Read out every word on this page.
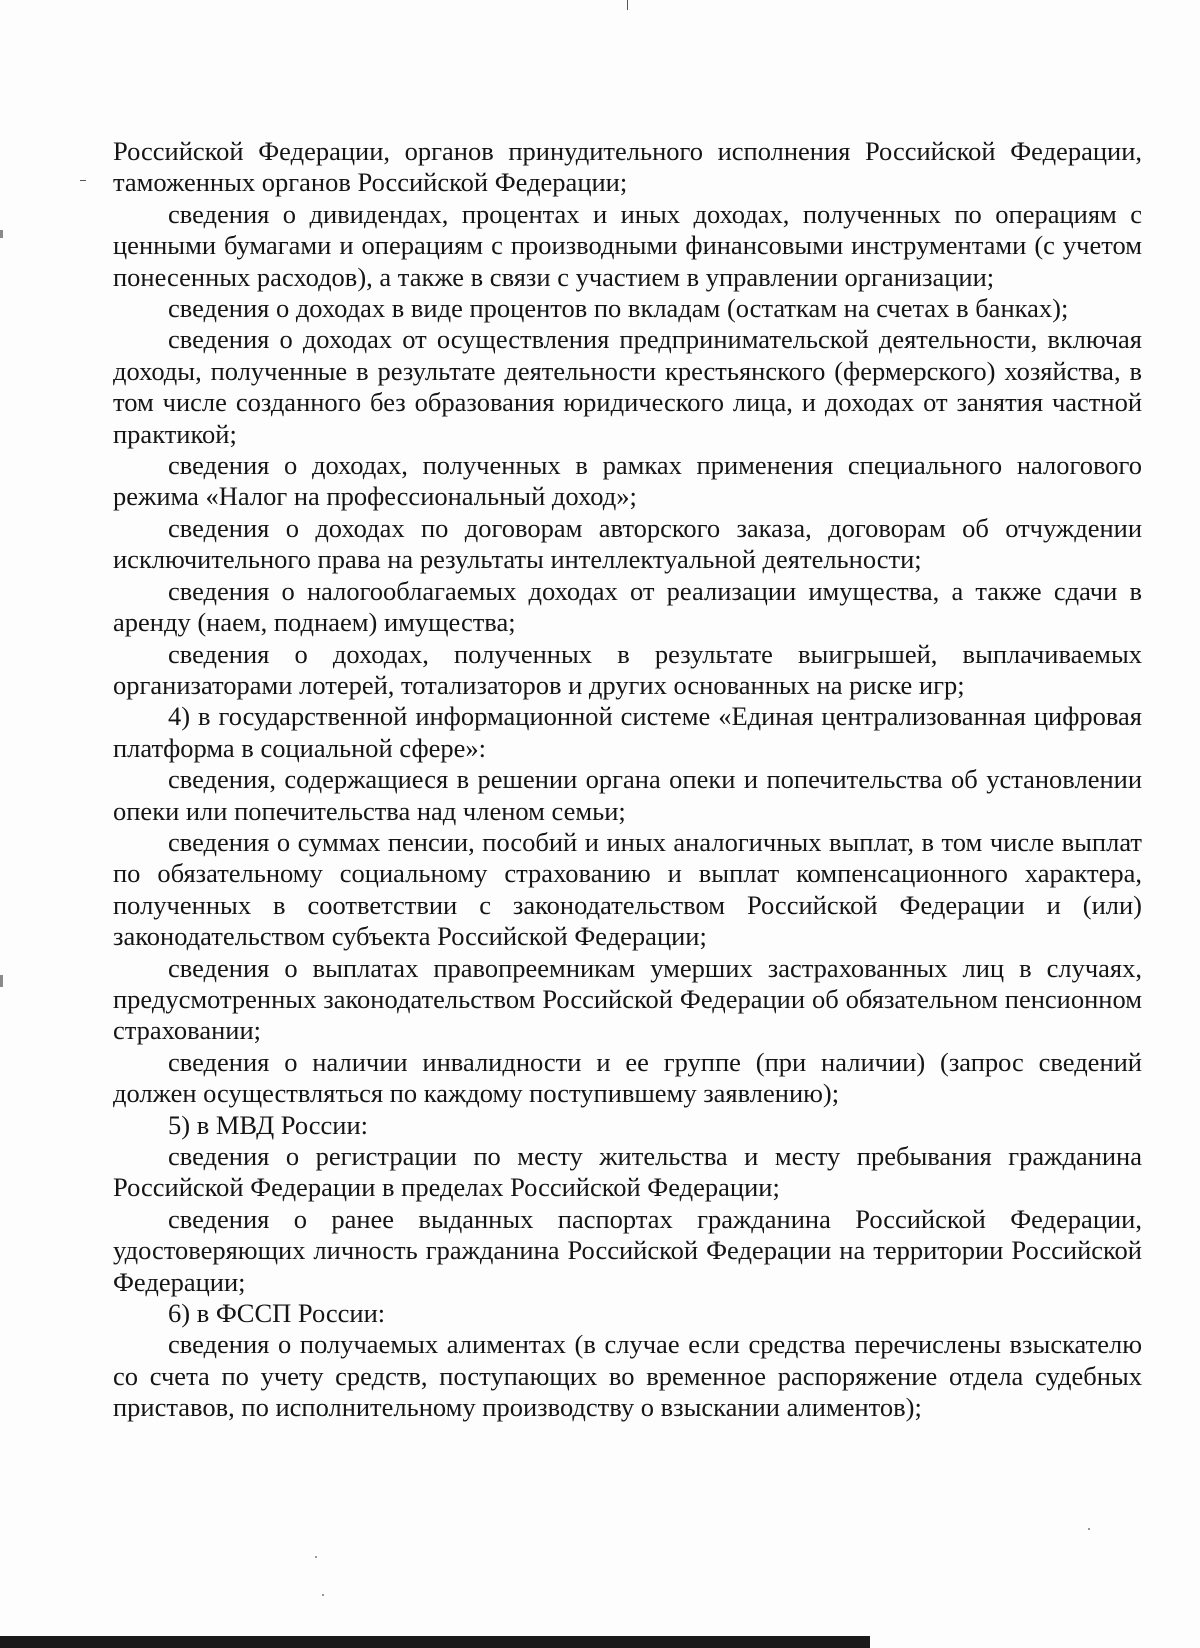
Российской Федерации, органов принудительного исполнения Российской Федерации, таможенных органов Российской Федерации;

сведения о дивидендах, процентах и иных доходах, полученных по операциям с ценными бумагами и операциям с производными финансовыми инструментами (с учетом понесенных расходов), а также в связи с участием в управлении организации;

сведения о доходах в виде процентов по вкладам (остаткам на счетах в банках);

сведения о доходах от осуществления предпринимательской деятельности, включая доходы, полученные в результате деятельности крестьянского (фермерского) хозяйства, в том числе созданного без образования юридического лица, и доходах от занятия частной практикой;

сведения о доходах, полученных в рамках применения специального налогового режима «Налог на профессиональный доход»;

сведения о доходах по договорам авторского заказа, договорам об отчуждении исключительного права на результаты интеллектуальной деятельности;

сведения о налогооблагаемых доходах от реализации имущества, а также сдачи в аренду (наем, поднаем) имущества;

сведения о доходах, полученных в результате выигрышей, выплачиваемых организаторами лотерей, тотализаторов и других основанных на риске игр;

4) в государственной информационной системе «Единая централизованная цифровая платформа в социальной сфере»:

сведения, содержащиеся в решении органа опеки и попечительства об установлении опеки или попечительства над членом семьи;

сведения о суммах пенсии, пособий и иных аналогичных выплат, в том числе выплат по обязательному социальному страхованию и выплат компенсационного характера, полученных в соответствии с законодательством Российской Федерации и (или) законодательством субъекта Российской Федерации;

сведения о выплатах правопреемникам умерших застрахованных лиц в случаях, предусмотренных законодательством Российской Федерации об обязательном пенсионном страховании;

сведения о наличии инвалидности и ее группе (при наличии) (запрос сведений должен осуществляться по каждому поступившему заявлению);

5) в МВД России:

сведения о регистрации по месту жительства и месту пребывания гражданина Российской Федерации в пределах Российской Федерации;

сведения о ранее выданных паспортах гражданина Российской Федерации, удостоверяющих личность гражданина Российской Федерации на территории Российской Федерации;

6) в ФССП России:

сведения о получаемых алиментах (в случае если средства перечислены взыскателю со счета по учету средств, поступающих во временное распоряжение отдела судебных приставов, по исполнительному производству о взыскании алиментов);
